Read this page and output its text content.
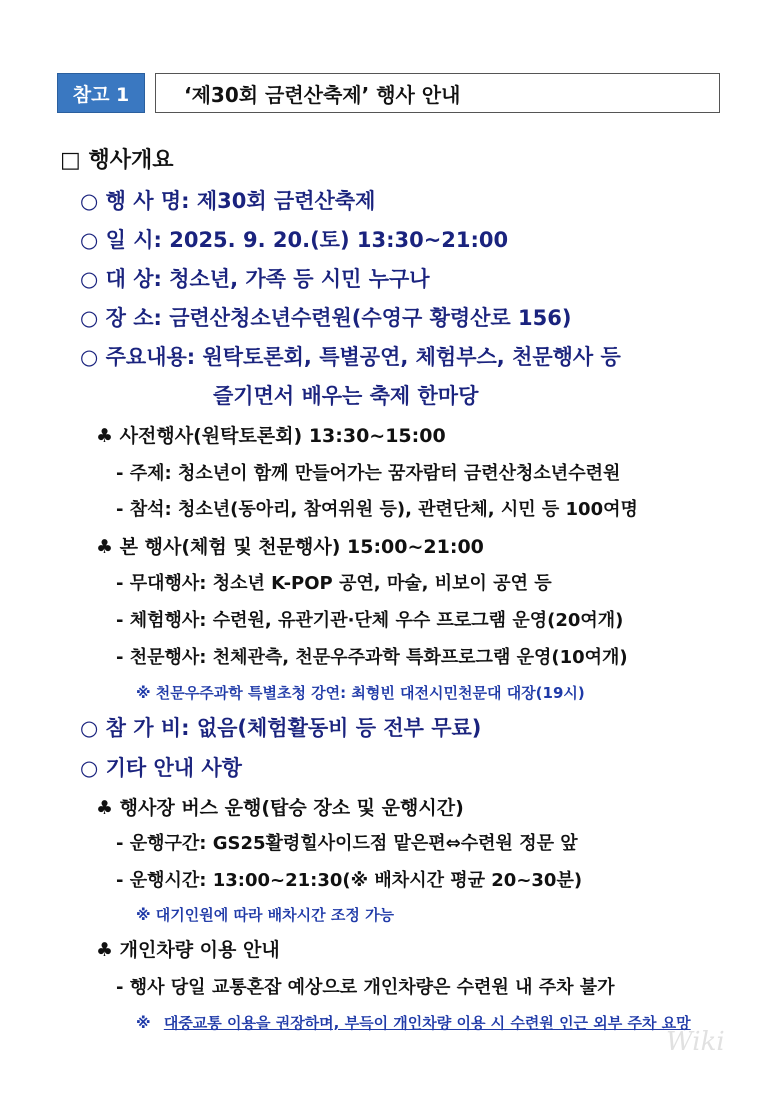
참고 1	‘제30회 금련산축제’ 행사 안내
□ 행사개요
○ 행 사 명: 제30회 금련산축제
○ 일 시: 2025. 9. 20.(토) 13:30~21:00
○ 대 상: 청소년, 가족 등 시민 누구나
○ 장 소: 금련산청소년수련원(수영구 황령산로 156)
○ 주요내용: 원탁토론회, 특별공연, 체험부스, 천문행사 등
즐기면서 배우는 축제 한마당
♣ 사전행사(원탁토론회) 13:30~15:00
- 주제: 청소년이 함께 만들어가는 꿈자람터 금련산청소년수련원
- 참석: 청소년(동아리, 참여위원 등), 관련단체, 시민 등 100여명
♣ 본 행사(체험 및 천문행사) 15:00~21:00
- 무대행사: 청소년 K-POP 공연, 마술, 비보이 공연 등
- 체험행사: 수련원, 유관기관·단체 우수 프로그램 운영(20여개)
- 천문행사: 천체관측, 천문우주과학 특화프로그램 운영(10여개)
※ 천문우주과학 특별초청 강연: 최형빈 대전시민천문대 대장(19시)
○ 참 가 비: 없음(체험활동비 등 전부 무료)
○ 기타 안내 사항
♣ 행사장 버스 운행(탑승 장소 및 운행시간)
- 운행구간: GS25활령힐사이드점 맡은편⇔수련원 정문 앞
- 운행시간: 13:00~21:30(※ 배차시간 평균 20~30분)
※ 대기인원에 따라 배차시간 조정 가능
♣ 개인차량 이용 안내
- 행사 당일 교통혼잡 예상으로 개인차량은 수련원 내 주차 불가
※ 대중교통 이용을 권장하며, 부득이 개인차량 이용 시 수련원 인근 외부 주차 요망
Wiki
